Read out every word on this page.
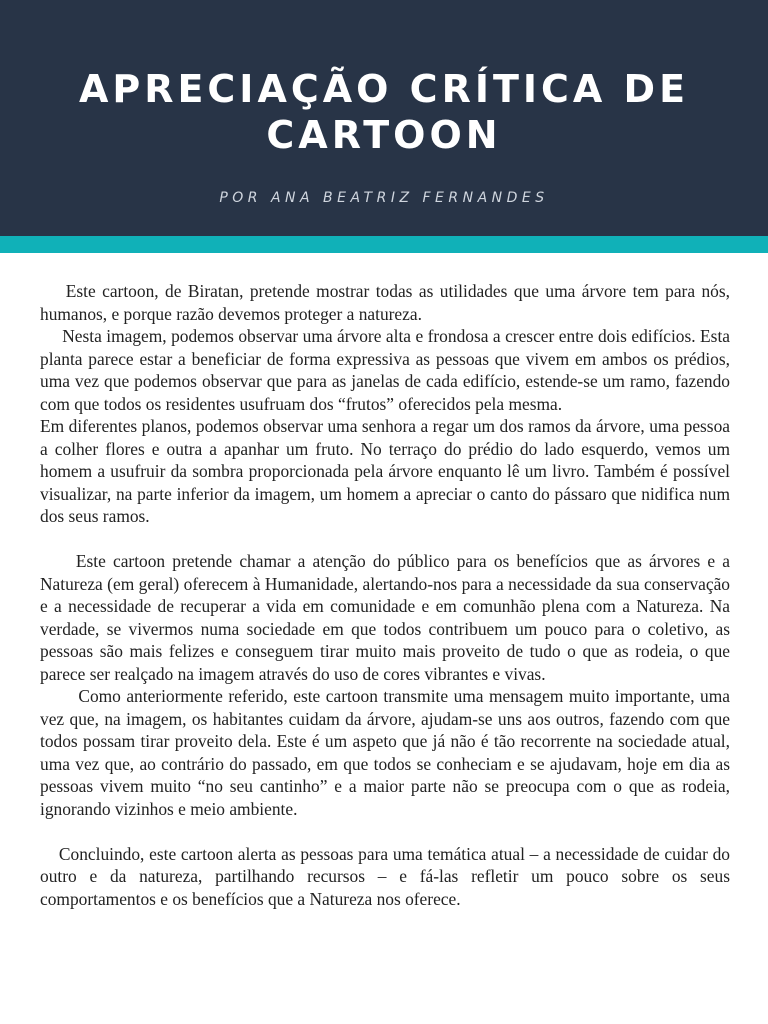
APRECIAÇÃO CRÍTICA DE
CARTOON

POR ANA BEATRIZ FERNANDES

Este cartoon, de Biratan, pretende mostrar todas as utilidades que uma árvore tem para nós, humanos, e porque razão devemos proteger a natureza.

Nesta imagem, podemos observar uma árvore alta e frondosa a crescer entre dois edifícios. Esta planta parece estar a beneficiar de forma expressiva as pessoas que vivem em ambos os prédios, uma vez que podemos observar que para as janelas de cada edifício, estende-se um ramo, fazendo com que todos os residentes usufruam dos “frutos” oferecidos pela mesma.

Em diferentes planos, podemos observar uma senhora a regar um dos ramos da árvore, uma pessoa a colher flores e outra a apanhar um fruto. No terraço do prédio do lado esquerdo, vemos um homem a usufruir da sombra proporcionada pela árvore enquanto lê um livro. Também é possível visualizar, na parte inferior da imagem, um homem a apreciar o canto do pássaro que nidifica num dos seus ramos.

Este cartoon pretende chamar a atenção do público para os benefícios que as árvores e a Natureza (em geral) oferecem à Humanidade, alertando-nos para a necessidade da sua conservação e a necessidade de recuperar a vida em comunidade e em comunhão plena com a Natureza. Na verdade, se vivermos numa sociedade em que todos contribuem um pouco para o coletivo, as pessoas são mais felizes e conseguem tirar muito mais proveito de tudo o que as rodeia, o que parece ser realçado na imagem através do uso de cores vibrantes e vivas.

Como anteriormente referido, este cartoon transmite uma mensagem muito importante, uma vez que, na imagem, os habitantes cuidam da árvore, ajudam-se uns aos outros, fazendo com que todos possam tirar proveito dela. Este é um aspeto que já não é tão recorrente na sociedade atual, uma vez que, ao contrário do passado, em que todos se conheciam e se ajudavam, hoje em dia as pessoas vivem muito “no seu cantinho” e a maior parte não se preocupa com o que as rodeia, ignorando vizinhos e meio ambiente.

Concluindo, este cartoon alerta as pessoas para uma temática atual – a necessidade de cuidar do outro e da natureza, partilhando recursos – e fá-las refletir um pouco sobre os seus comportamentos e os benefícios que a Natureza nos oferece.
